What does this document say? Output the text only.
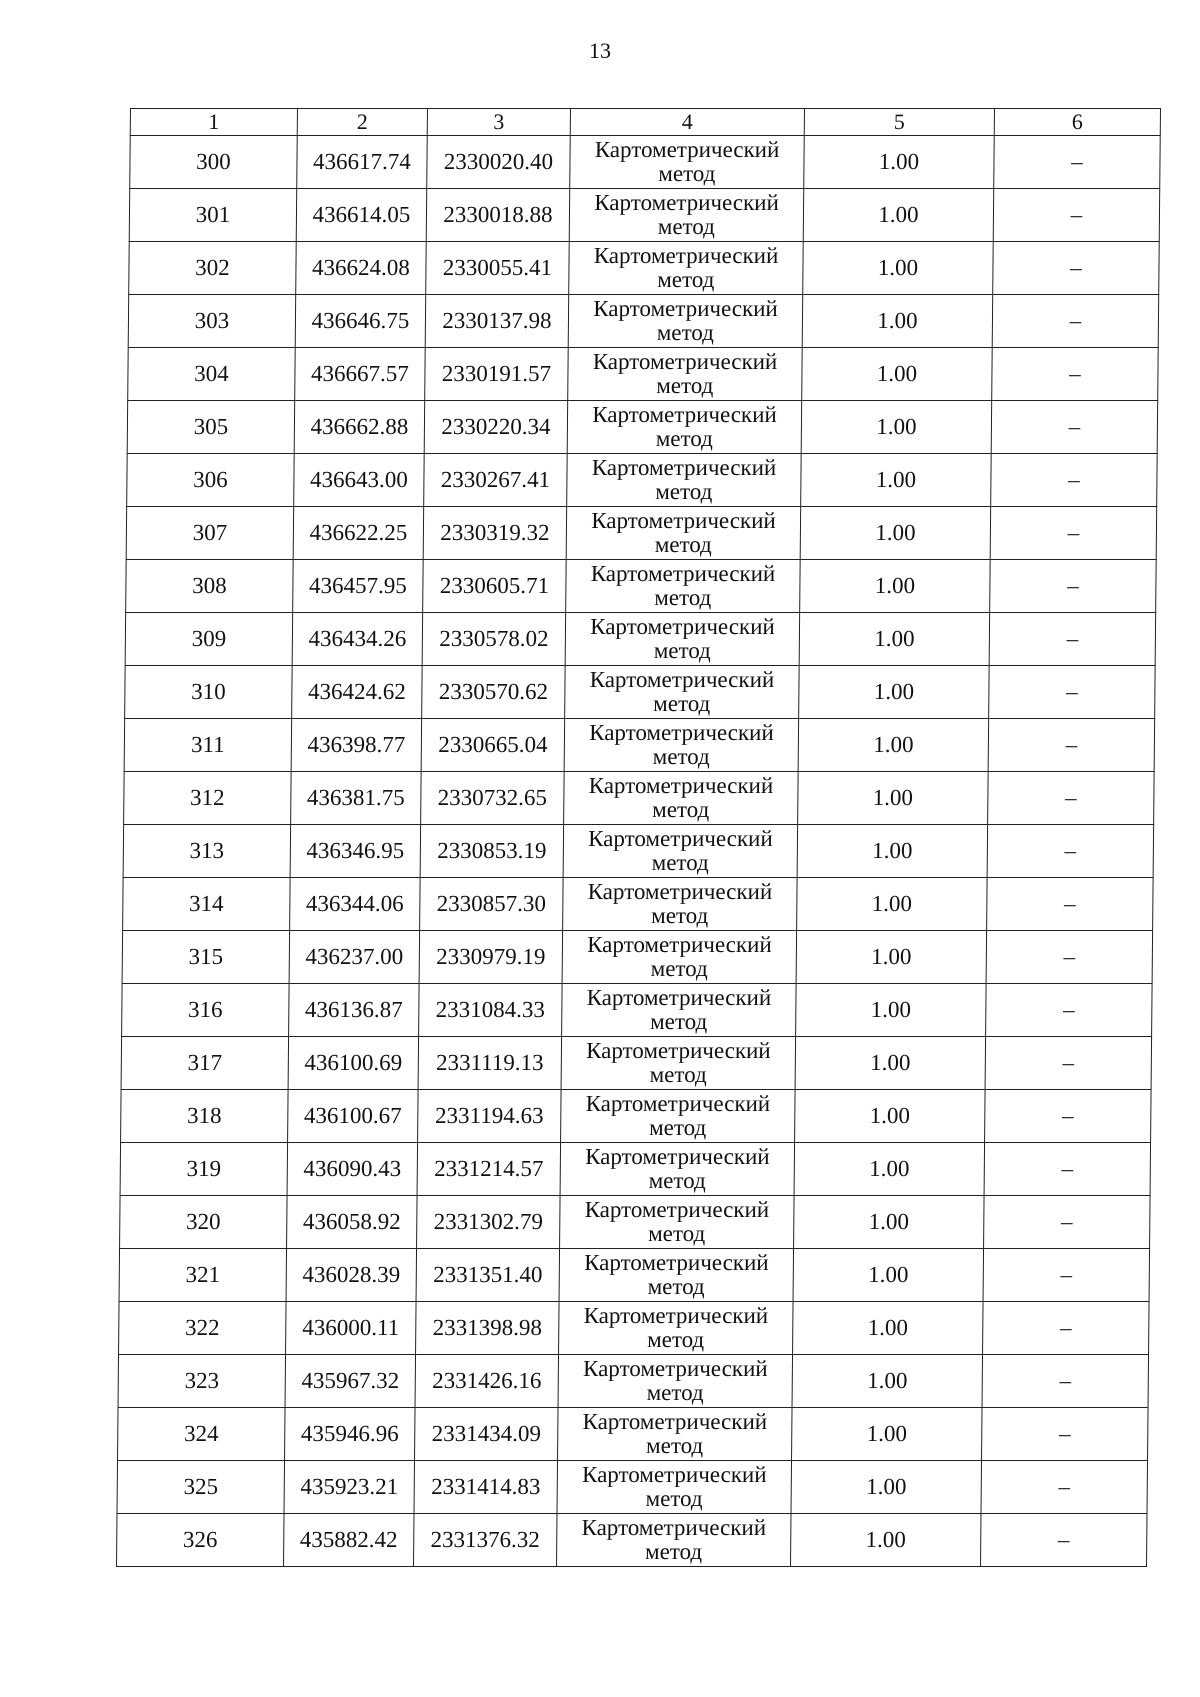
13
1	2	3	4	5	6
300	436617.74	2330020.40	Картометрический метод	1.00	–
301	436614.05	2330018.88	Картометрический метод	1.00	–
302	436624.08	2330055.41	Картометрический метод	1.00	–
303	436646.75	2330137.98	Картометрический метод	1.00	–
304	436667.57	2330191.57	Картометрический метод	1.00	–
305	436662.88	2330220.34	Картометрический метод	1.00	–
306	436643.00	2330267.41	Картометрический метод	1.00	–
307	436622.25	2330319.32	Картометрический метод	1.00	–
308	436457.95	2330605.71	Картометрический метод	1.00	–
309	436434.26	2330578.02	Картометрический метод	1.00	–
310	436424.62	2330570.62	Картометрический метод	1.00	–
311	436398.77	2330665.04	Картометрический метод	1.00	–
312	436381.75	2330732.65	Картометрический метод	1.00	–
313	436346.95	2330853.19	Картометрический метод	1.00	–
314	436344.06	2330857.30	Картометрический метод	1.00	–
315	436237.00	2330979.19	Картометрический метод	1.00	–
316	436136.87	2331084.33	Картометрический метод	1.00	–
317	436100.69	2331119.13	Картометрический метод	1.00	–
318	436100.67	2331194.63	Картометрический метод	1.00	–
319	436090.43	2331214.57	Картометрический метод	1.00	–
320	436058.92	2331302.79	Картометрический метод	1.00	–
321	436028.39	2331351.40	Картометрический метод	1.00	–
322	436000.11	2331398.98	Картометрический метод	1.00	–
323	435967.32	2331426.16	Картометрический метод	1.00	–
324	435946.96	2331434.09	Картометрический метод	1.00	–
325	435923.21	2331414.83	Картометрический метод	1.00	–
326	435882.42	2331376.32	Картометрический метод	1.00	–
